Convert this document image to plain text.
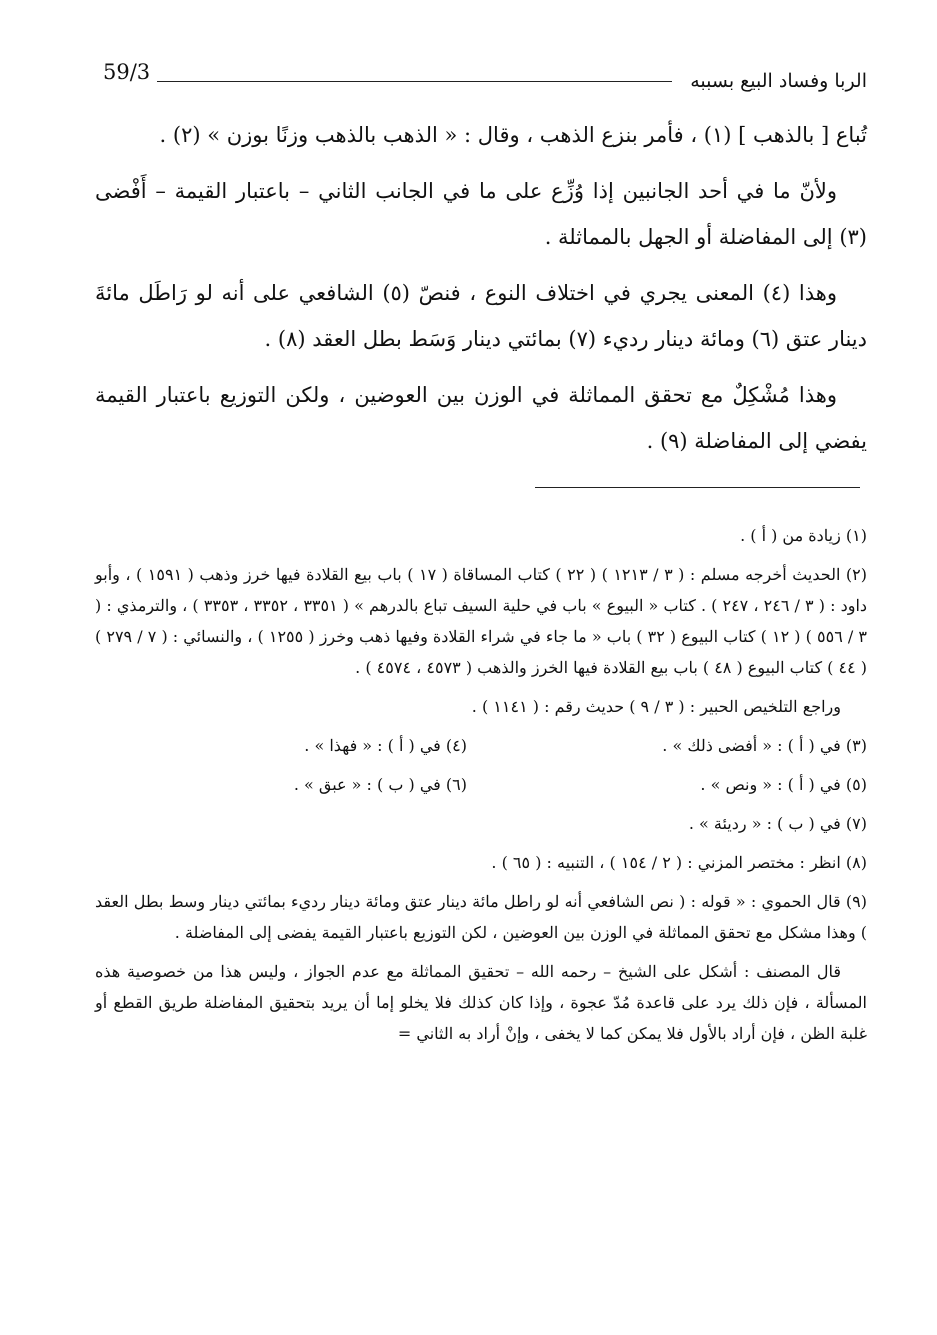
59/3	الربا وفساد البيع بسببه

تُباع [ بالذهب ] (١) ، فأمر بنزع الذهب ، وقال : « الذهب بالذهب وزنًا بوزن » (٢) .

ولأنّ ما في أحد الجانبين إذا وُزِّع على ما في الجانب الثاني – باعتبار القيمة – أَفْضى (٣) إلى المفاضلة أو الجهل بالمماثلة .

وهذا (٤) المعنى يجري في اختلاف النوع ، فنصّ (٥) الشافعي على أنه لو رَاطَل مائةَ دينار عتق (٦) ومائة دينار رديء (٧) بمائتي دينار وَسَط بطل العقد (٨) .

وهذا مُشْكِلٌ مع تحقق المماثلة في الوزن بين العوضين ، ولكن التوزيع باعتبار القيمة يفضي إلى المفاضلة (٩) .

(١) زيادة من ( أ ) .

(٢) الحديث أخرجه مسلم : ( ٣ / ١٢١٣ ) ( ٢٢ ) كتاب المساقاة ( ١٧ ) باب بيع القلادة فيها خرز وذهب ( ١٥٩١ ) ، وأبو داود : ( ٣ / ٢٤٦ ، ٢٤٧ ) . كتاب « البيوع » باب في حلية السيف تباع بالدرهم » ( ٣٣٥١ ، ٣٣٥٢ ، ٣٣٥٣ ) ، والترمذي : ( ٣ / ٥٥٦ ) ( ١٢ ) كتاب البيوع ( ٣٢ ) باب « ما جاء في شراء القلادة وفيها ذهب وخرز ( ١٢٥٥ ) ، والنسائي : ( ٧ / ٢٧٩ ) ( ٤٤ ) كتاب البيوع ( ٤٨ ) باب بيع القلادة فيها الخرز والذهب ( ٤٥٧٣ ، ٤٥٧٤ ) .

وراجع التلخيص الحبير : ( ٣ / ٩ ) حديث رقم : ( ١١٤١ ) .

(٣) في ( أ ) : « أفضى ذلك » .
(٤) في ( أ ) : « فهذا » .
(٥) في ( أ ) : « ونص » .
(٦) في ( ب ) : « عبق » .

(٧) في ( ب ) : « رديئة » .

(٨) انظر : مختصر المزني : ( ٢ / ١٥٤ ) ، التنبيه : ( ٦٥ ) .

(٩) قال الحموي : « قوله : ( نص الشافعي أنه لو راطل مائة دينار عتق ومائة دينار رديء بمائتي دينار وسط بطل العقد ) وهذا مشكل مع تحقق المماثلة في الوزن بين العوضين ، لكن التوزيع باعتبار القيمة يفضى إلى المفاضلة .

قال المصنف : أشكل على الشيخ – رحمه الله – تحقيق المماثلة مع عدم الجواز ، وليس هذا من خصوصية هذه المسألة ، فإن ذلك يرد على قاعدة مُدّ عجوة ، وإذا كان كذلك فلا يخلو إما أن يريد بتحقيق المفاضلة طريق القطع أو غلبة الظن ، فإن أراد بالأول فلا يمكن كما لا يخفى ، وإنْ أراد به الثاني =
